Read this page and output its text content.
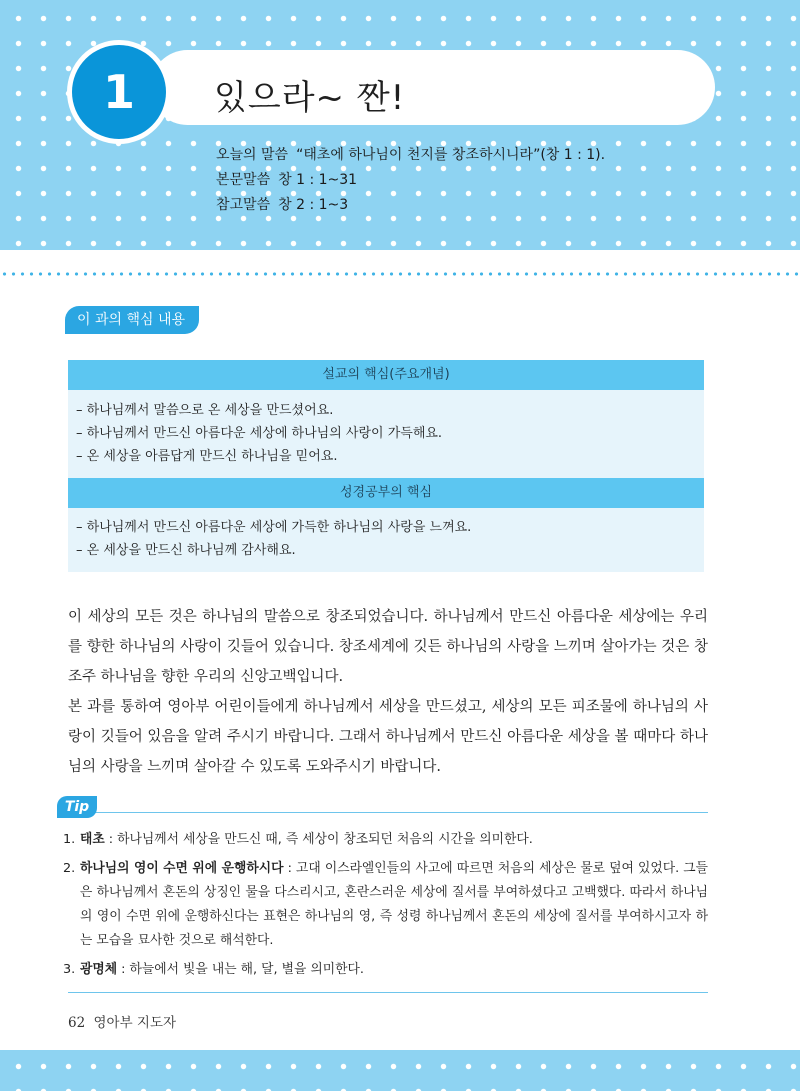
1	있으라~ 짠!
오늘의 말씀 “태초에 하나님이 천지를 창조하시니라”(창 1 : 1).
본문말씀 창 1 : 1~31
참고말씀 창 2 : 1~3
이 과의 핵심 내용
설교의 핵심(주요개념)
– 하나님께서 말씀으로 온 세상을 만드셨어요.
– 하나님께서 만드신 아름다운 세상에 하나님의 사랑이 가득해요.
– 온 세상을 아름답게 만드신 하나님을 믿어요.
성경공부의 핵심
– 하나님께서 만드신 아름다운 세상에 가득한 하나님의 사랑을 느껴요.
– 온 세상을 만드신 하나님께 감사해요.

이 세상의 모든 것은 하나님의 말씀으로 창조되었습니다. 하나님께서 만드신 아름다운 세상에는 우리를 향한 하나님의 사랑이 깃들어 있습니다. 창조세계에 깃든 하나님의 사랑을 느끼며 살아가는 것은 창조주 하나님을 향한 우리의 신앙고백입니다.

본 과를 통하여 영아부 어린이들에게 하나님께서 세상을 만드셨고, 세상의 모든 피조물에 하나님의 사랑이 깃들어 있음을 알려 주시기 바랍니다. 그래서 하나님께서 만드신 아름다운 세상을 볼 때마다 하나님의 사랑을 느끼며 살아갈 수 있도록 도와주시기 바랍니다.

Tip
1. 태초 : 하나님께서 세상을 만드신 때, 즉 세상이 창조되던 처음의 시간을 의미한다.
2. 하나님의 영이 수면 위에 운행하시다 : 고대 이스라엘인들의 사고에 따르면 처음의 세상은 물로 덮여 있었다. 그들은 하나님께서 혼돈의 상징인 물을 다스리시고, 혼란스러운 세상에 질서를 부여하셨다고 고백했다. 따라서 하나님의 영이 수면 위에 운행하신다는 표현은 하나님의 영, 즉 성령 하나님께서 혼돈의 세상에 질서를 부여하시고자 하는 모습을 묘사한 것으로 해석한다.
3. 광명체 : 하늘에서 빛을 내는 해, 달, 별을 의미한다.
62 영아부 지도자
